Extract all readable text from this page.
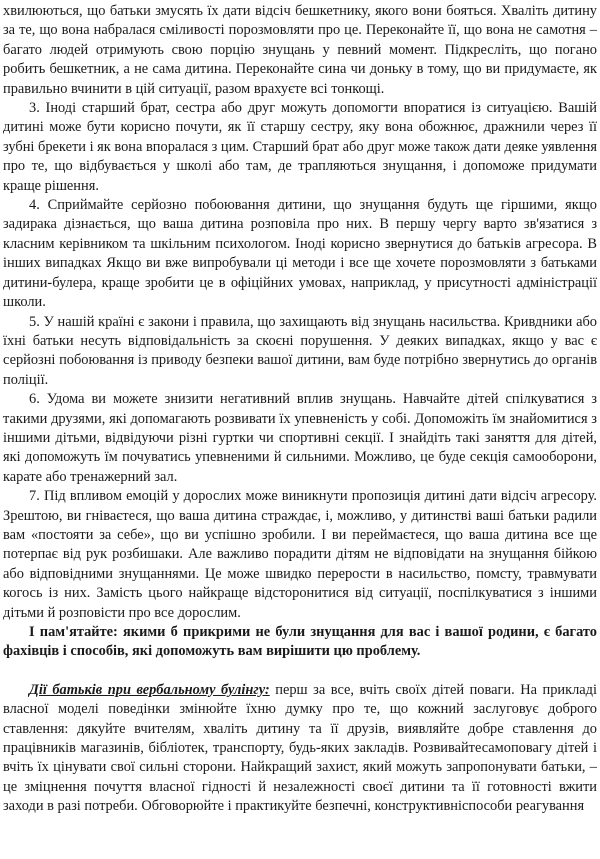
хвилюються, що батьки змусять їх дати відсіч бешкетнику, якого вони бояться. Хваліть дитину за те, що вона набралася сміливості порозмовляти про це. Переконайте її, що вона не самотня – багато людей отримують свою порцію знущань у певний момент. Підкресліть, що погано робить бешкетник, а не сама дитина. Переконайте сина чи доньку в тому, що ви придумаєте, як правильно вчинити в цій ситуації, разом врахуєте всі тонкощі.

3. Іноді старший брат, сестра або друг можуть допомогти впоратися із ситуацією. Вашій дитині може бути корисно почути, як її старшу сестру, яку вона обожнює, дражнили через її зубні брекети і як вона впоралася з цим. Старший брат або друг може також дати деяке уявлення про те, що відбувається у школі або там, де трапляються знущання, і допоможе придумати краще рішення.

4. Сприймайте серйозно побоювання дитини, що знущання будуть ще гіршими, якщо задирака дізнається, що ваша дитина розповіла про них. В першу чергу варто зв'язатися з класним керівником та шкільним психологом. Іноді корисно звернутися до батьків агресора. В інших випадках Якщо ви вже випробували ці методи і все ще хочете порозмовляти з батьками дитини-булера, краще зробити це в офіційних умовах, наприклад, у присутності адміністрації школи.

5. У нашій країні є закони і правила, що захищають від знущань насильства. Кривдники або їхні батьки несуть відповідальність за скоєні порушення. У деяких випадках, якщо у вас є серйозні побоювання із приводу безпеки вашої дитини, вам буде потрібно звернутись до органів поліції.

6. Удома ви можете знизити негативний вплив знущань. Навчайте дітей спілкуватися з такими друзями, які допомагають розвивати їх упевненість у собі. Допоможіть їм знайомитися з іншими дітьми, відвідуючи різні гуртки чи спортивні секції. І знайдіть такі заняття для дітей, які допоможуть їм почуватись упевненими й сильними. Можливо, це буде секція самооборони, карате або тренажерний зал.

7. Під впливом емоцій у дорослих може виникнути пропозиція дитині дати відсіч агресору. Зрештою, ви гніваєтеся, що ваша дитина страждає, і, можливо, у дитинстві ваші батьки радили вам «постояти за себе», що ви успішно зробили. І ви переймаєтеся, що ваша дитина все ще потерпає від рук розбишаки. Але важливо порадити дітям не відповідати на знущання бійкою або відповідними знущаннями. Це може швидко перерости в насильство, помсту, травмувати когось із них. Замість цього найкраще відсторонитися від ситуації, поспілкуватися з іншими дітьми й розповісти про все дорослим.

І пам'ятайте: якими б прикрими не були знущання для вас і вашої родини, є багато фахівців і способів, які допоможуть вам вирішити цю проблему.

Дії батьків при вербальному булінгу: перш за все, вчіть своїх дітей поваги. На прикладі власної моделі поведінки змінюйте їхню думку про те, що кожний заслуговує доброго ставлення: дякуйте вчителям, хваліть дитину та її друзів, виявляйте добре ставлення до працівників магазинів, бібліотек, транспорту, будь-яких закладів. Розвивайтесамоповагу дітей і вчіть їх цінувати свої сильні сторони. Найкращий захист, який можуть запропонувати батьки, – це зміцнення почуття власної гідності й незалежності своєї дитини та її готовності вжити заходи в разі потреби. Обговорюйте і практикуйте безпечні, конструктивніспособи реагування
